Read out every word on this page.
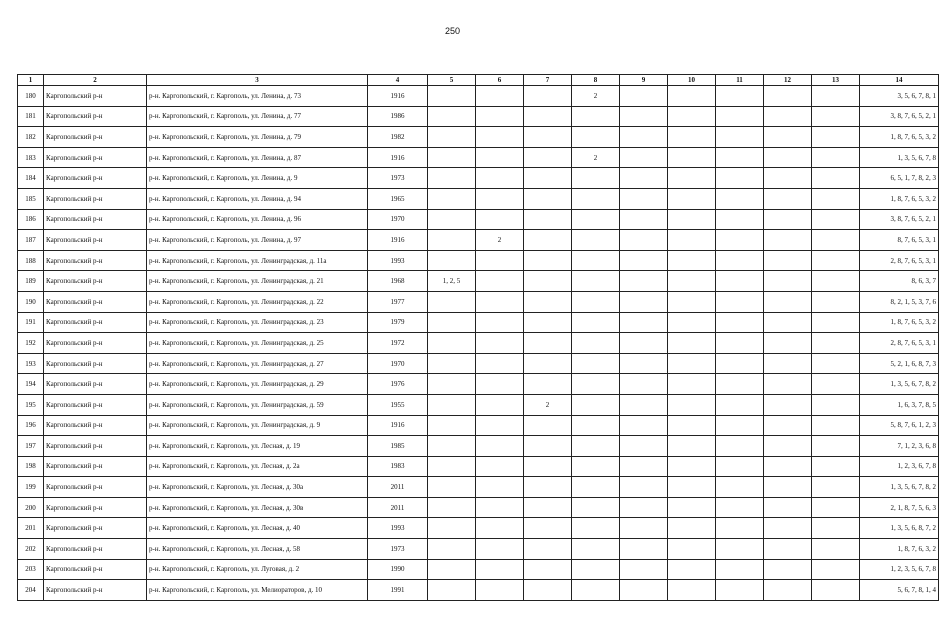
250
1	2	3	4	5	6	7	8	9	10	11	12	13	14
180	Каргопольский р-н	р-н. Каргопольский, г. Каргополь, ул. Ленина, д. 73	1916				2						3, 5, 6, 7, 8, 1
181	Каргопольский р-н	р-н. Каргопольский, г. Каргополь, ул. Ленина, д. 77	1986										3, 8, 7, 6, 5, 2, 1
182	Каргопольский р-н	р-н. Каргопольский, г. Каргополь, ул. Ленина, д. 79	1982										1, 8, 7, 6, 5, 3, 2
183	Каргопольский р-н	р-н. Каргопольский, г. Каргополь, ул. Ленина, д. 87	1916				2						1, 3, 5, 6, 7, 8
184	Каргопольский р-н	р-н. Каргопольский, г. Каргополь, ул. Ленина, д. 9	1973										6, 5, 1, 7, 8, 2, 3
185	Каргопольский р-н	р-н. Каргопольский, г. Каргополь, ул. Ленина, д. 94	1965										1, 8, 7, 6, 5, 3, 2
186	Каргопольский р-н	р-н. Каргопольский, г. Каргополь, ул. Ленина, д. 96	1970										3, 8, 7, 6, 5, 2, 1
187	Каргопольский р-н	р-н. Каргопольский, г. Каргополь, ул. Ленина, д. 97	1916		2								8, 7, 6, 5, 3, 1
188	Каргопольский р-н	р-н. Каргопольский, г. Каргополь, ул. Ленинградская, д. 11а	1993										2, 8, 7, 6, 5, 3, 1
189	Каргопольский р-н	р-н. Каргопольский, г. Каргополь, ул. Ленинградская, д. 21	1968	1, 2, 5									8, 6, 3, 7
190	Каргопольский р-н	р-н. Каргопольский, г. Каргополь, ул. Ленинградская, д. 22	1977										8, 2, 1, 5, 3, 7, 6
191	Каргопольский р-н	р-н. Каргопольский, г. Каргополь, ул. Ленинградская, д. 23	1979										1, 8, 7, 6, 5, 3, 2
192	Каргопольский р-н	р-н. Каргопольский, г. Каргополь, ул. Ленинградская, д. 25	1972										2, 8, 7, 6, 5, 3, 1
193	Каргопольский р-н	р-н. Каргопольский, г. Каргополь, ул. Ленинградская, д. 27	1970										5, 2, 1, 6, 8, 7, 3
194	Каргопольский р-н	р-н. Каргопольский, г. Каргополь, ул. Ленинградская, д. 29	1976										1, 3, 5, 6, 7, 8, 2
195	Каргопольский р-н	р-н. Каргопольский, г. Каргополь, ул. Ленинградская, д. 59	1955			2							1, 6, 3, 7, 8, 5
196	Каргопольский р-н	р-н. Каргопольский, г. Каргополь, ул. Ленинградская, д. 9	1916										5, 8, 7, 6, 1, 2, 3
197	Каргопольский р-н	р-н. Каргопольский, г. Каргополь, ул. Лесная, д. 19	1985										7, 1, 2, 3, 6, 8
198	Каргопольский р-н	р-н. Каргопольский, г. Каргополь, ул. Лесная, д. 2а	1983										1, 2, 3, 6, 7, 8
199	Каргопольский р-н	р-н. Каргопольский, г. Каргополь, ул. Лесная, д. 30а	2011										1, 3, 5, 6, 7, 8, 2
200	Каргопольский р-н	р-н. Каргопольский, г. Каргополь, ул. Лесная, д. 30в	2011										2, 1, 8, 7, 5, 6, 3
201	Каргопольский р-н	р-н. Каргопольский, г. Каргополь, ул. Лесная, д. 40	1993										1, 3, 5, 6, 8, 7, 2
202	Каргопольский р-н	р-н. Каргопольский, г. Каргополь, ул. Лесная, д. 58	1973										1, 8, 7, 6, 3, 2
203	Каргопольский р-н	р-н. Каргопольский, г. Каргополь, ул. Луговая, д. 2	1990										1, 2, 3, 5, 6, 7, 8
204	Каргопольский р-н	р-н. Каргопольский, г. Каргополь, ул. Мелиораторов, д. 10	1991										5, 6, 7, 8, 1, 4
